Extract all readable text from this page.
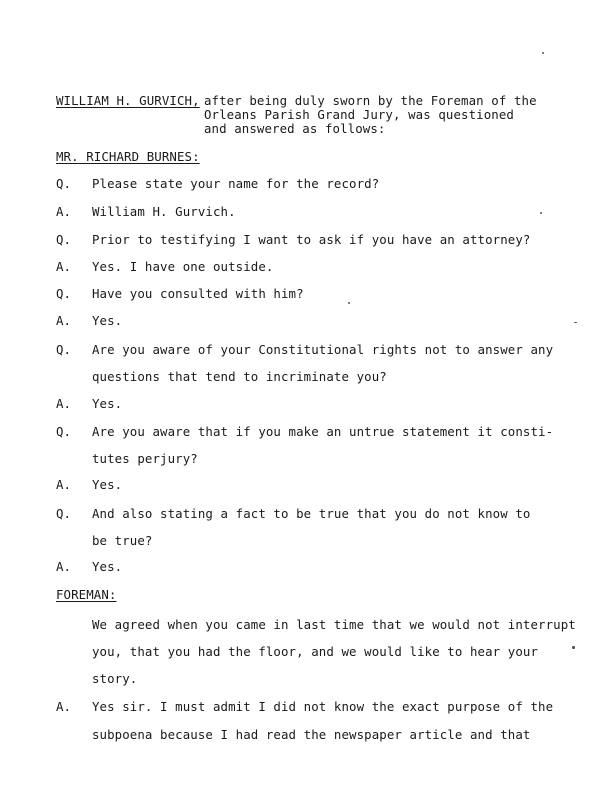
WILLIAM H. GURVICH, after being duly sworn by the Foreman of the
Orleans Parish Grand Jury, was questioned
and answered as follows:
MR. RICHARD BURNES:
Q. Please state your name for the record?
A. William H. Gurvich.
Q. Prior to testifying I want to ask if you have an attorney?
A. Yes. I have one outside.
Q. Have you consulted with him?
A. Yes.
Q. Are you aware of your Constitutional rights not to answer any
questions that tend to incriminate you?
A. Yes.
Q. Are you aware that if you make an untrue statement it consti-
tutes perjury?
A. Yes.
Q. And also stating a fact to be true that you do not know to
be true?
A. Yes.
FOREMAN:
We agreed when you came in last time that we would not interrupt
you, that you had the floor, and we would like to hear your
story.
A. Yes sir. I must admit I did not know the exact purpose of the
subpoena because I had read the newspaper article and that
